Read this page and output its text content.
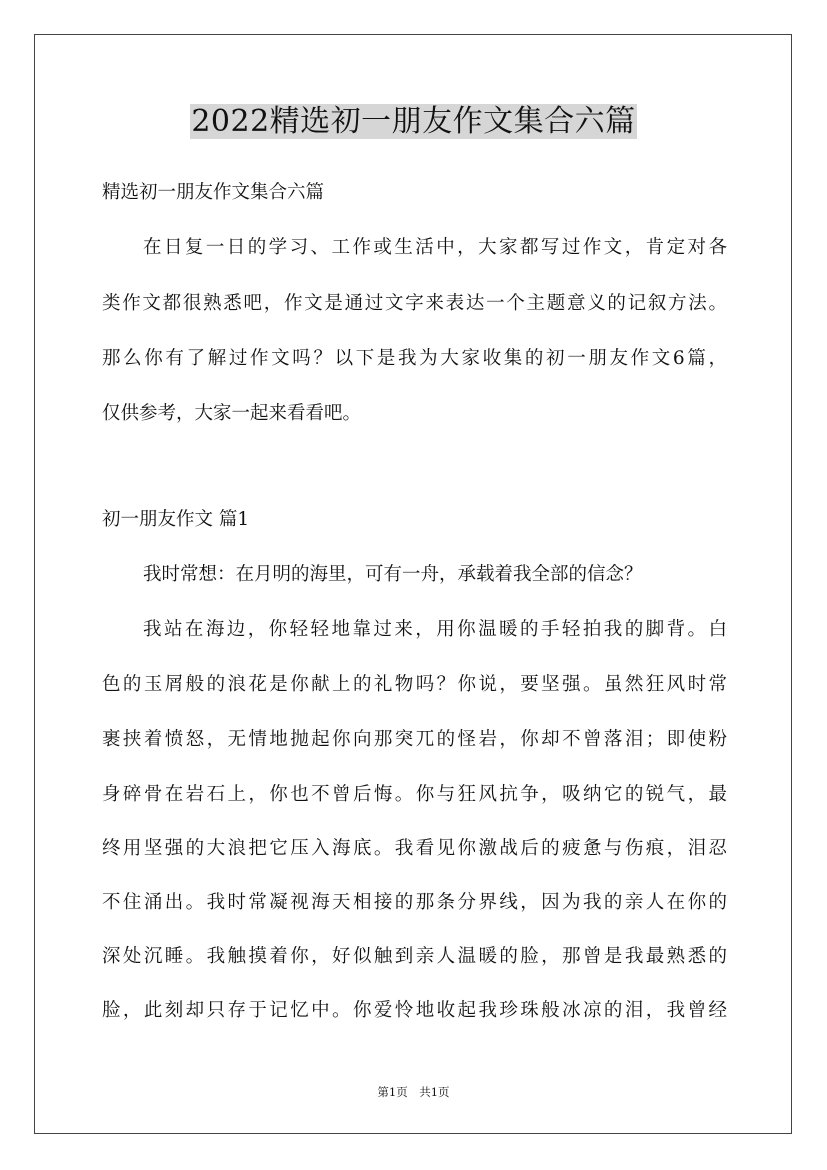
2022精选初一朋友作文集合六篇
精选初一朋友作文集合六篇
在日复一日的学习、工作或生活中，大家都写过作文，肯定对各
类作文都很熟悉吧，作文是通过文字来表达一个主题意义的记叙方法。
那么你有了解过作文吗？以下是我为大家收集的初一朋友作文6篇，
仅供参考，大家一起来看看吧。
初一朋友作文 篇1
我时常想：在月明的海里，可有一舟，承载着我全部的信念？
我站在海边，你轻轻地靠过来，用你温暖的手轻拍我的脚背。白
色的玉屑般的浪花是你献上的礼物吗？你说，要坚强。虽然狂风时常
裹挟着愤怒，无情地抛起你向那突兀的怪岩，你却不曾落泪；即使粉
身碎骨在岩石上，你也不曾后悔。你与狂风抗争，吸纳它的锐气，最
终用坚强的大浪把它压入海底。我看见你激战后的疲惫与伤痕，泪忍
不住涌出。我时常凝视海天相接的那条分界线，因为我的亲人在你的
深处沉睡。我触摸着你，好似触到亲人温暖的脸，那曾是我最熟悉的
脸，此刻却只存于记忆中。你爱怜地收起我珍珠般冰凉的泪，我曾经
第1页　共1页
